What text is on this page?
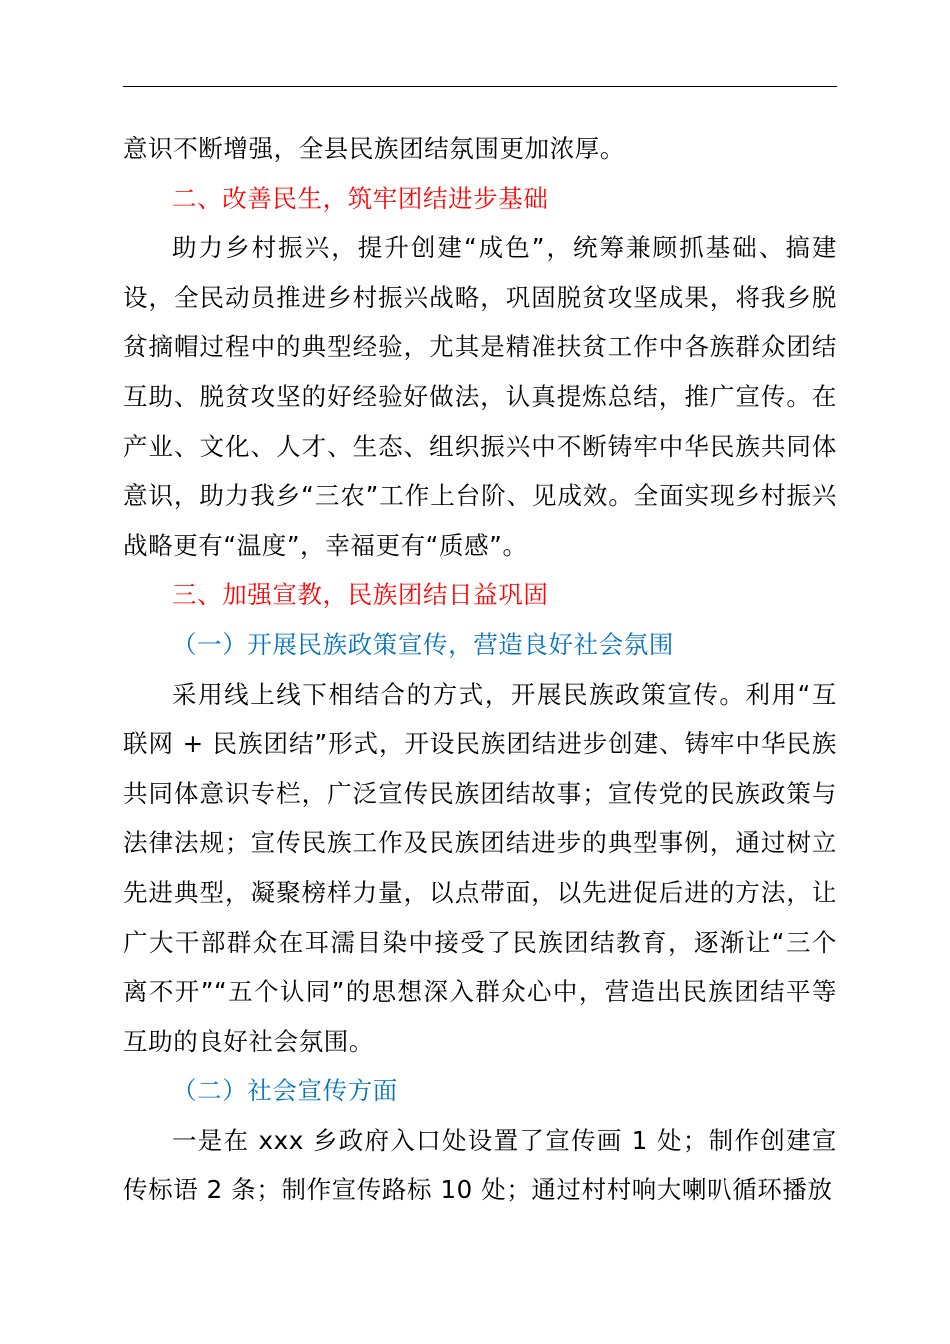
意识不断增强，全县民族团结氛围更加浓厚。

二、改善民生，筑牢团结进步基础

助力乡村振兴，提升创建“成色”，统筹兼顾抓基础、搞建设，全民动员推进乡村振兴战略，巩固脱贫攻坚成果，将我乡脱贫摘帽过程中的典型经验，尤其是精准扶贫工作中各族群众团结互助、脱贫攻坚的好经验好做法，认真提炼总结，推广宣传。在产业、文化、人才、生态、组织振兴中不断铸牢中华民族共同体意识，助力我乡“三农”工作上台阶、见成效。全面实现乡村振兴战略更有“温度”，幸福更有“质感”。

三、加强宣教，民族团结日益巩固

（一）开展民族政策宣传，营造良好社会氛围

采用线上线下相结合的方式，开展民族政策宣传。利用“互联网 + 民族团结”形式，开设民族团结进步创建、铸牢中华民族共同体意识专栏，广泛宣传民族团结故事；宣传党的民族政策与法律法规；宣传民族工作及民族团结进步的典型事例，通过树立先进典型，凝聚榜样力量，以点带面，以先进促后进的方法，让广大干部群众在耳濡目染中接受了民族团结教育，逐渐让“三个离不开”“五个认同”的思想深入群众心中，营造出民族团结平等互助的良好社会氛围。

（二）社会宣传方面

一是在 xxx 乡政府入口处设置了宣传画 1 处；制作创建宣传标语 2 条；制作宣传路标 10 处；通过村村响大喇叭循环播放
